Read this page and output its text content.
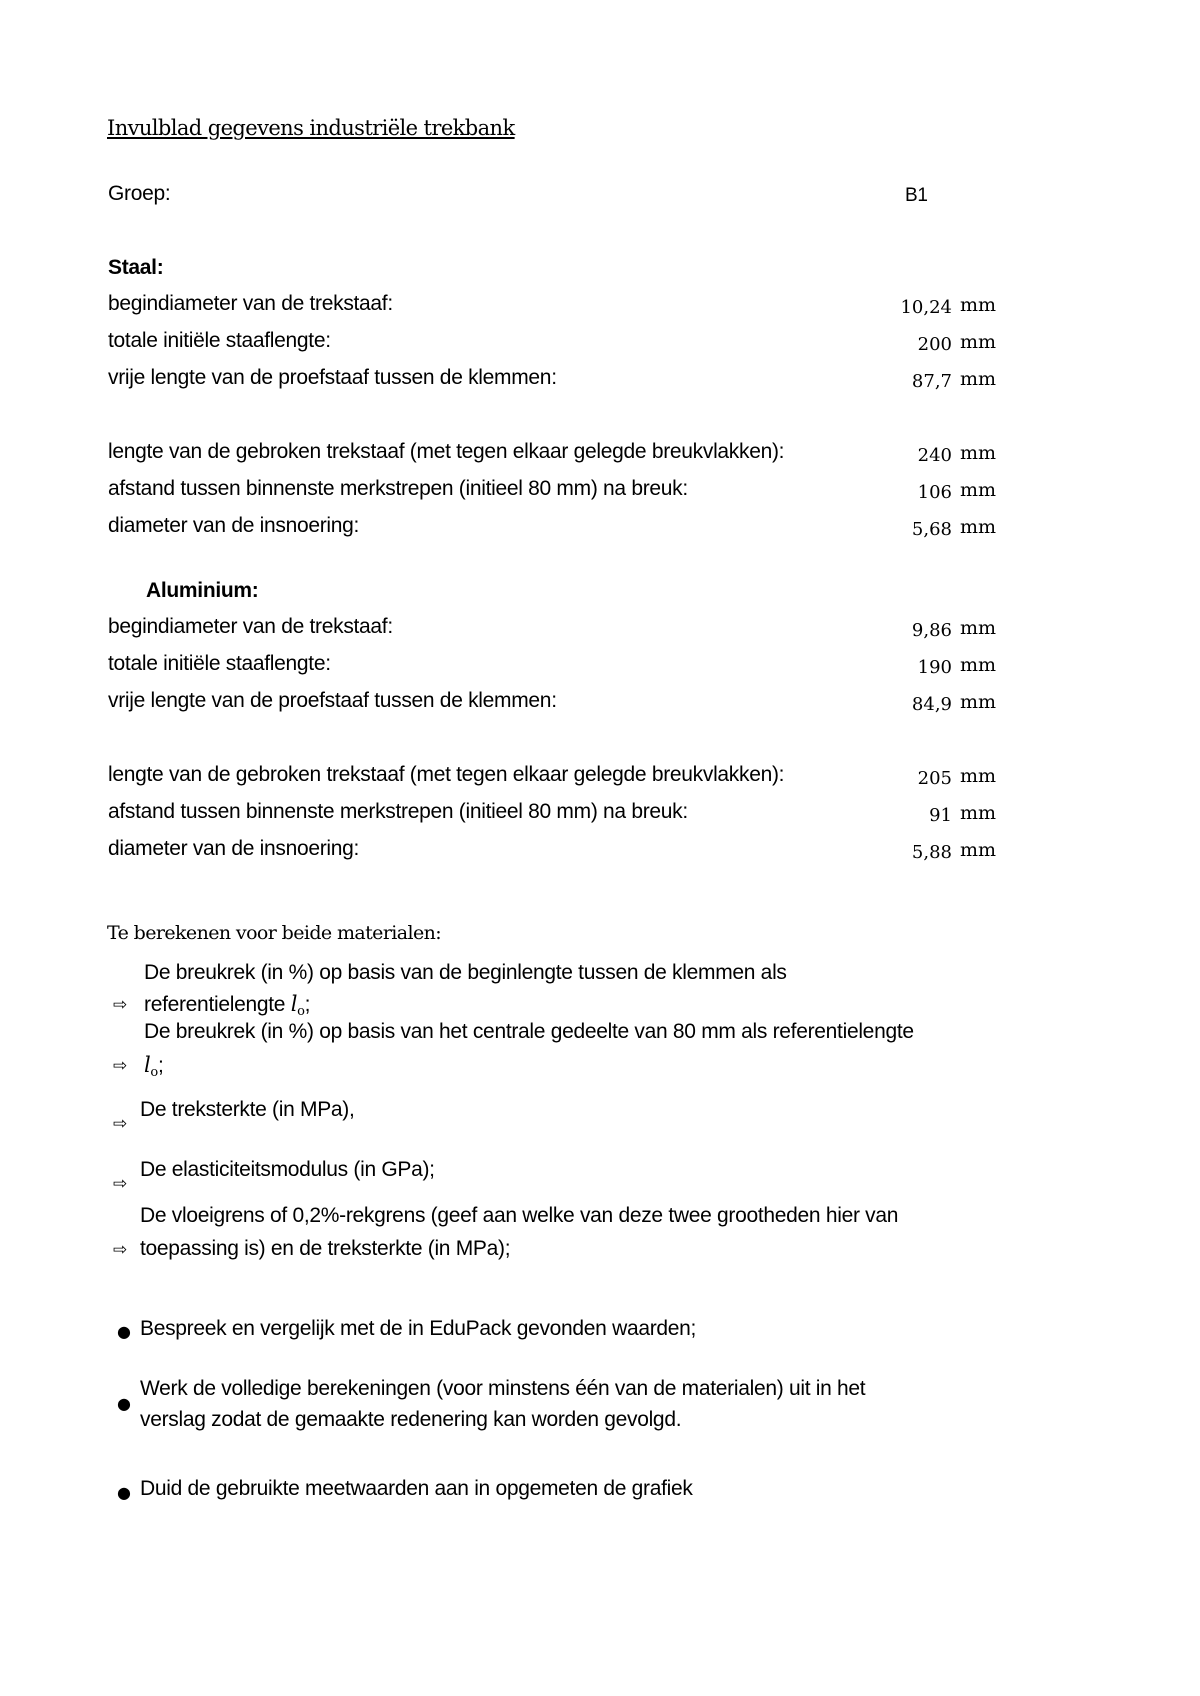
Invulblad gegevens industriële trekbank
Groep:	B1
Staal:
begindiameter van de trekstaaf:	10,24 mm
totale initiële staaflengte:	200 mm
vrije lengte van de proefstaaf tussen de klemmen:	87,7 mm
lengte van de gebroken trekstaaf (met tegen elkaar gelegde breukvlakken):	240 mm
afstand tussen binnenste merkstrepen (initieel 80 mm) na breuk:	106 mm
diameter van de insnoering:	5,68 mm
Aluminium:
begindiameter van de trekstaaf:	9,86 mm
totale initiële staaflengte:	190 mm
vrije lengte van de proefstaaf tussen de klemmen:	84,9 mm
lengte van de gebroken trekstaaf (met tegen elkaar gelegde breukvlakken):	205 mm
afstand tussen binnenste merkstrepen (initieel 80 mm) na breuk:	91 mm
diameter van de insnoering:	5,88 mm
Te berekenen voor beide materialen:
De breukrek (in %) op basis van de beginlengte tussen de klemmen als
⇨ referentielengte $l_o$;
De breukrek (in %) op basis van het centrale gedeelte van 80 mm als referentielengte
⇨ $l_o$;
De treksterkte (in MPa),
⇨
De elasticiteitsmodulus (in GPa);
⇨
De vloeigrens of 0,2%-rekgrens (geef aan welke van deze twee grootheden hier van
⇨ toepassing is) en de treksterkte (in MPa);
● Bespreek en vergelijk met de in EduPack gevonden waarden;
Werk de volledige berekeningen (voor minstens één van de materialen) uit in het
●
verslag zodat de gemaakte redenering kan worden gevolgd.
● Duid de gebruikte meetwaarden aan in opgemeten de grafiek
